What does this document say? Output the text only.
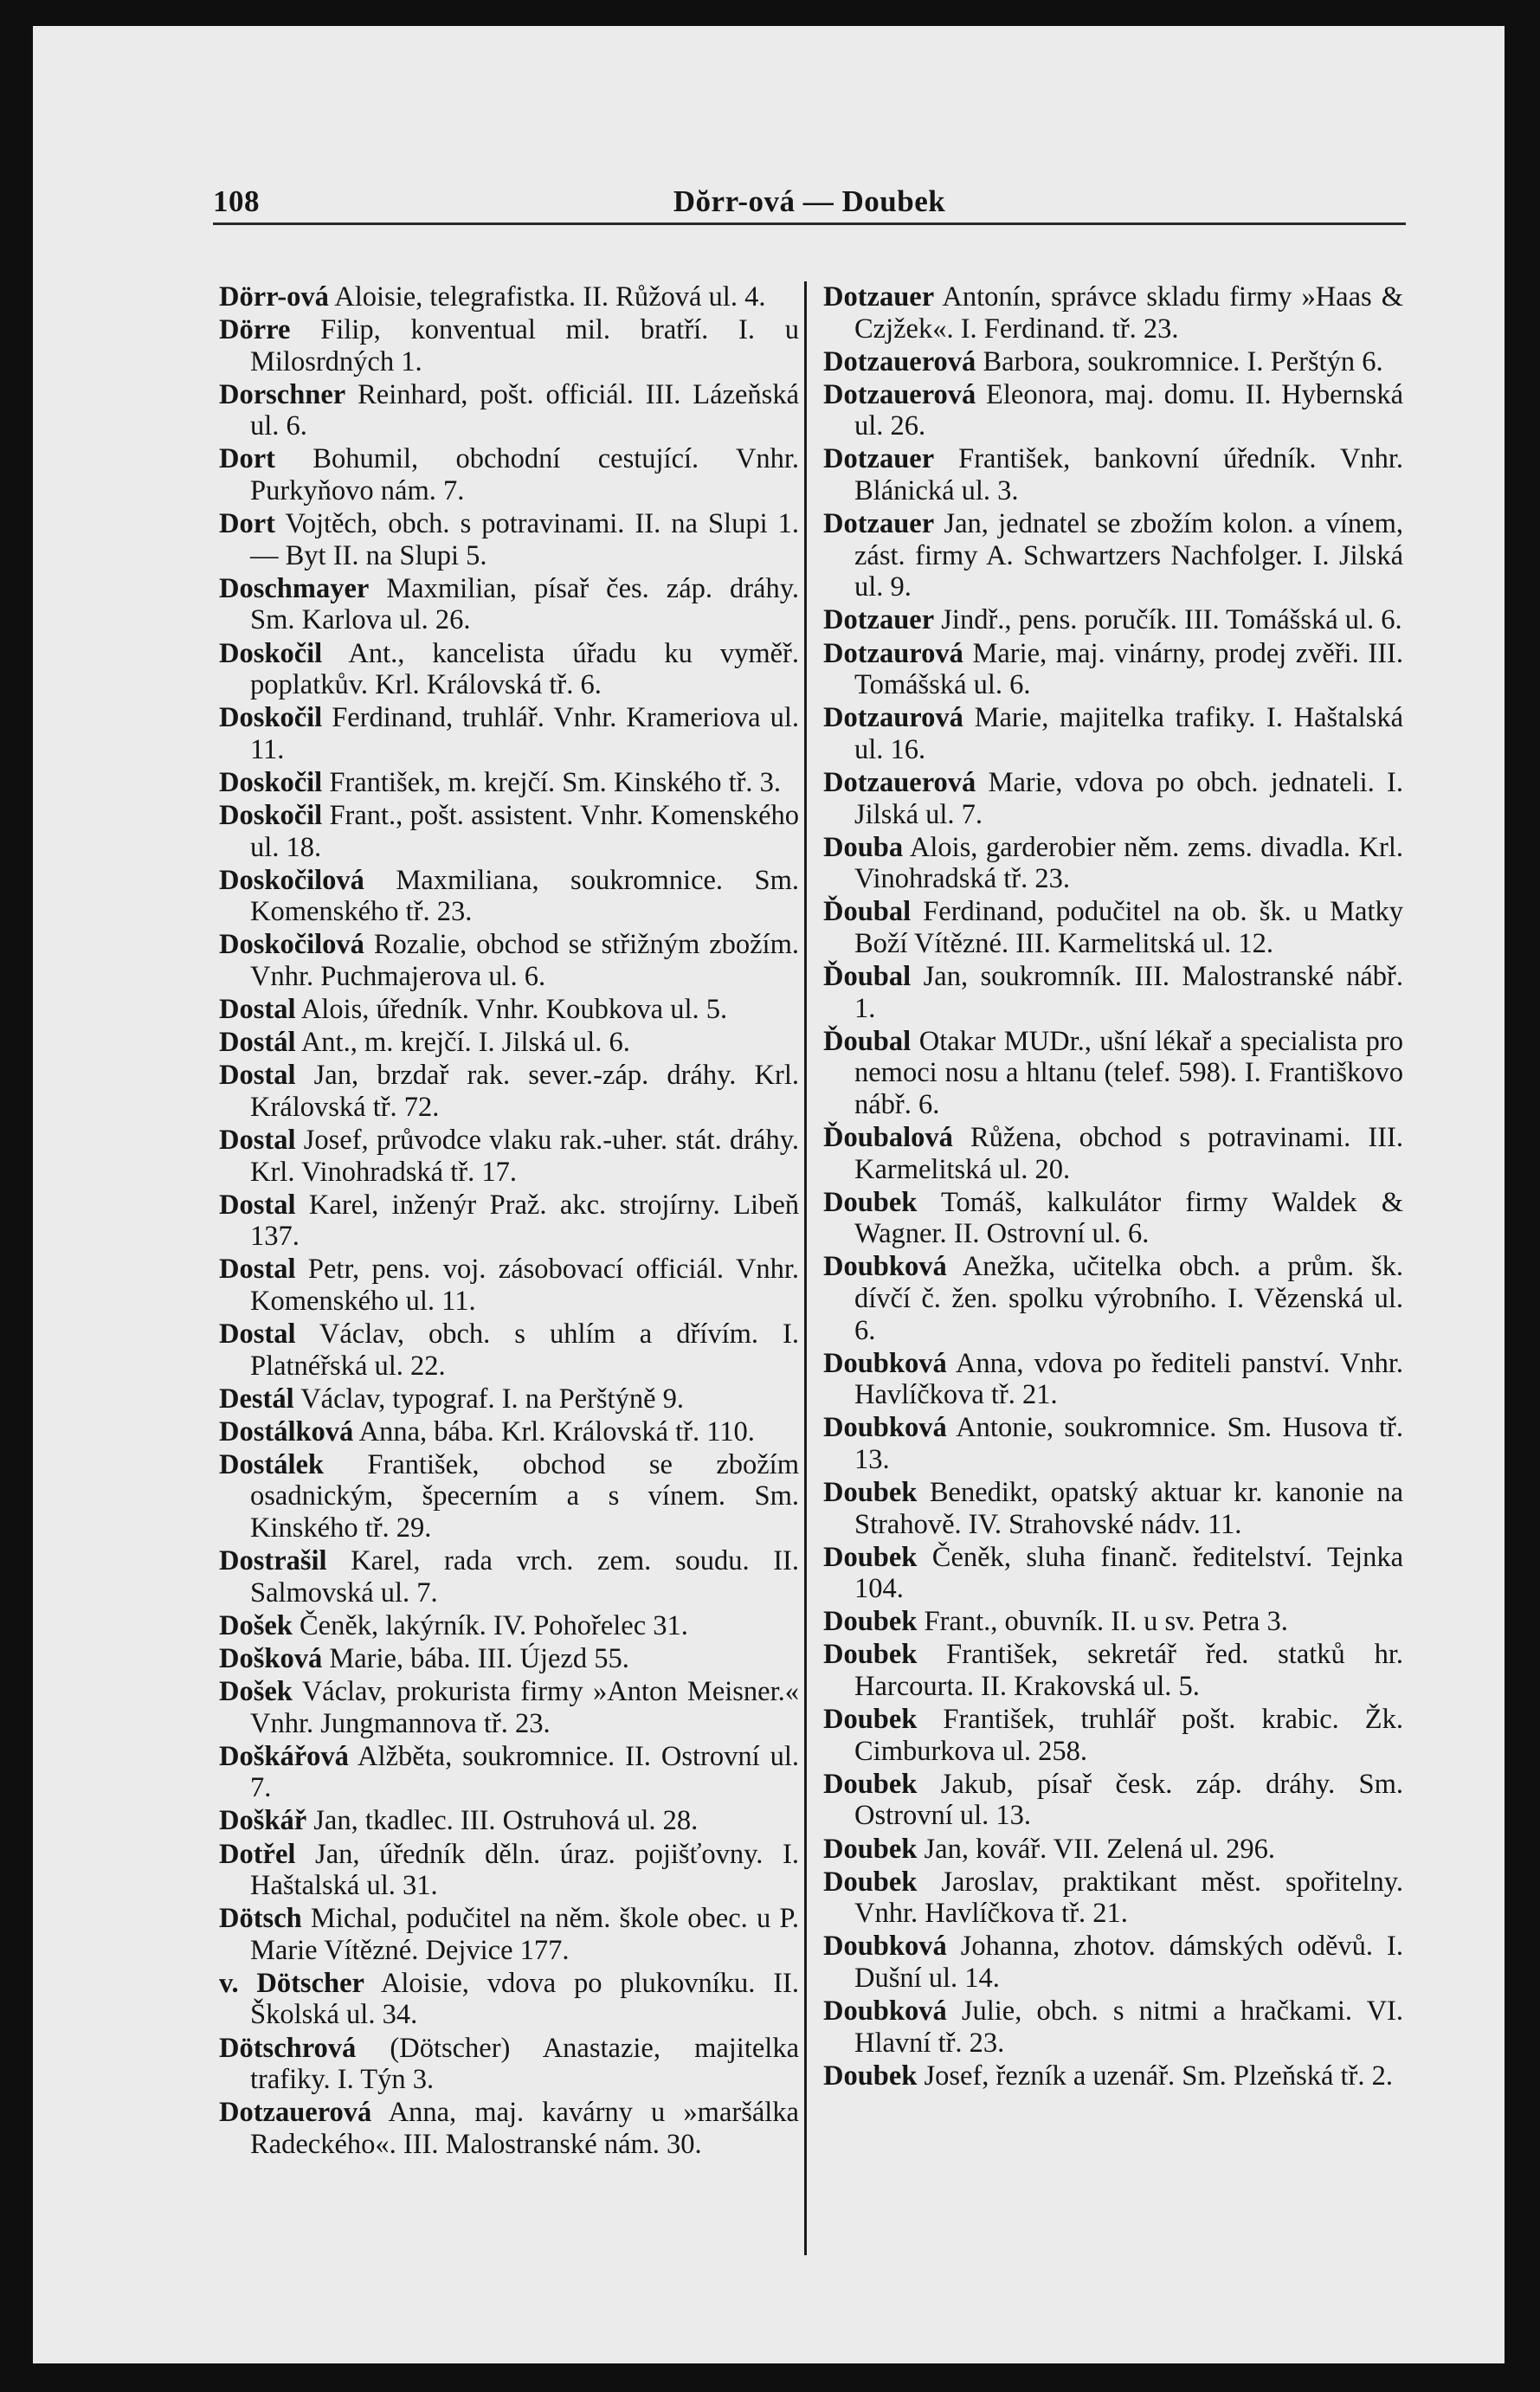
108	Dŏrr-ová — Doubek

Dörr-ová Aloisie, telegrafistka. II. Růžová ul. 4.

Dörre Filip, konventual mil. bratří. I. u Milosrdných 1.

Dorschner Reinhard, pošt. officiál. III. Lázeňská ul. 6.

Dort Bohumil, obchodní cestující. Vnhr. Purkyňovo nám. 7.

Dort Vojtěch, obch. s potravinami. II. na Slupi 1. — Byt II. na Slupi 5.

Doschmayer Maxmilian, písař čes. záp. dráhy. Sm. Karlova ul. 26.

Doskočil Ant., kancelista úřadu ku vyměř. poplatkův. Krl. Královská tř. 6.

Doskočil Ferdinand, truhlář. Vnhr. Krameriova ul. 11.

Doskočil František, m. krejčí. Sm. Kinského tř. 3.

Doskočil Frant., pošt. assistent. Vnhr. Komenského ul. 18.

Doskočilová Maxmiliana, soukromnice. Sm. Komenského tř. 23.

Doskočilová Rozalie, obchod se střižným zbožím. Vnhr. Puchmajerova ul. 6.

Dostal Alois, úředník. Vnhr. Koubkova ul. 5.

Dostál Ant., m. krejčí. I. Jilská ul. 6.

Dostal Jan, brzdař rak. sever.-záp. dráhy. Krl. Královská tř. 72.

Dostal Josef, průvodce vlaku rak.-uher. stát. dráhy. Krl. Vinohradská tř. 17.

Dostal Karel, inženýr Praž. akc. strojírny. Libeň 137.

Dostal Petr, pens. voj. zásobovací officiál. Vnhr. Komenského ul. 11.

Dostal Václav, obch. s uhlím a dřívím. I. Platnéřská ul. 22.

Destál Václav, typograf. I. na Perštýně 9.

Dostálková Anna, bába. Krl. Královská tř. 110.

Dostálek František, obchod se zbožím osadnickým, špecerním a s vínem. Sm. Kinského tř. 29.

Dostrašil Karel, rada vrch. zem. soudu. II. Salmovská ul. 7.

Došek Čeněk, lakýrník. IV. Pohořelec 31.

Došková Marie, bába. III. Újezd 55.

Došek Václav, prokurista firmy »Anton Meisner.« Vnhr. Jungmannova tř. 23.

Doškářová Alžběta, soukromnice. II. Ostrovní ul. 7.

Doškář Jan, tkadlec. III. Ostruhová ul. 28.

Dotřel Jan, úředník děln. úraz. pojišťovny. I. Haštalská ul. 31.

Dötsch Michal, podučitel na něm. škole obec. u P. Marie Vítězné. Dejvice 177.

v. Dötscher Aloisie, vdova po plukovníku. II. Školská ul. 34.

Dötschrová (Dötscher) Anastazie, majitelka trafiky. I. Týn 3.

Dotzauerová Anna, maj. kavárny u »maršálka Radeckého«. III. Malostranské nám. 30.

Dotzauer Antonín, správce skladu firmy »Haas & Czjžek«. I. Ferdinand. tř. 23.

Dotzauerová Barbora, soukromnice. I. Perštýn 6.

Dotzauerová Eleonora, maj. domu. II. Hybernská ul. 26.

Dotzauer František, bankovní úředník. Vnhr. Blánická ul. 3.

Dotzauer Jan, jednatel se zbožím kolon. a vínem, zást. firmy A. Schwartzers Nachfolger. I. Jilská ul. 9.

Dotzauer Jindř., pens. poručík. III. Tomášská ul. 6.

Dotzaurová Marie, maj. vinárny, prodej zvěři. III. Tomášská ul. 6.

Dotzaurová Marie, majitelka trafiky. I. Haštalská ul. 16.

Dotzauerová Marie, vdova po obch. jednateli. I. Jilská ul. 7.

Douba Alois, garderobier něm. zems. divadla. Krl. Vinohradská tř. 23.

Ďoubal Ferdinand, podučitel na ob. šk. u Matky Boží Vítězné. III. Karmelitská ul. 12.

Ďoubal Jan, soukromník. III. Malostranské nábř. 1.

Ďoubal Otakar MUDr., ušní lékař a specialista pro nemoci nosu a hltanu (telef. 598). I. Františkovo nábř. 6.

Ďoubalová Růžena, obchod s potravinami. III. Karmelitská ul. 20.

Doubek Tomáš, kalkulátor firmy Waldek & Wagner. II. Ostrovní ul. 6.

Doubková Anežka, učitelka obch. a prům. šk. dívčí č. žen. spolku výrobního. I. Vězenská ul. 6.

Doubková Anna, vdova po řediteli panství. Vnhr. Havlíčkova tř. 21.

Doubková Antonie, soukromnice. Sm. Husova tř. 13.

Doubek Benedikt, opatský aktuar kr. kanonie na Strahově. IV. Strahovské nádv. 11.

Doubek Čeněk, sluha finanč. ředitelství. Tejnka 104.

Doubek Frant., obuvník. II. u sv. Petra 3.

Doubek František, sekretář řed. statků hr. Harcourta. II. Krakovská ul. 5.

Doubek František, truhlář pošt. krabic. Žk. Cimburkova ul. 258.

Doubek Jakub, písař česk. záp. dráhy. Sm. Ostrovní ul. 13.

Doubek Jan, kovář. VII. Zelená ul. 296.

Doubek Jaroslav, praktikant měst. spořitelny. Vnhr. Havlíčkova tř. 21.

Doubková Johanna, zhotov. dámských oděvů. I. Dušní ul. 14.

Doubková Julie, obch. s nitmi a hračkami. VI. Hlavní tř. 23.

Doubek Josef, řezník a uzenář. Sm. Plzeňská tř. 2.
